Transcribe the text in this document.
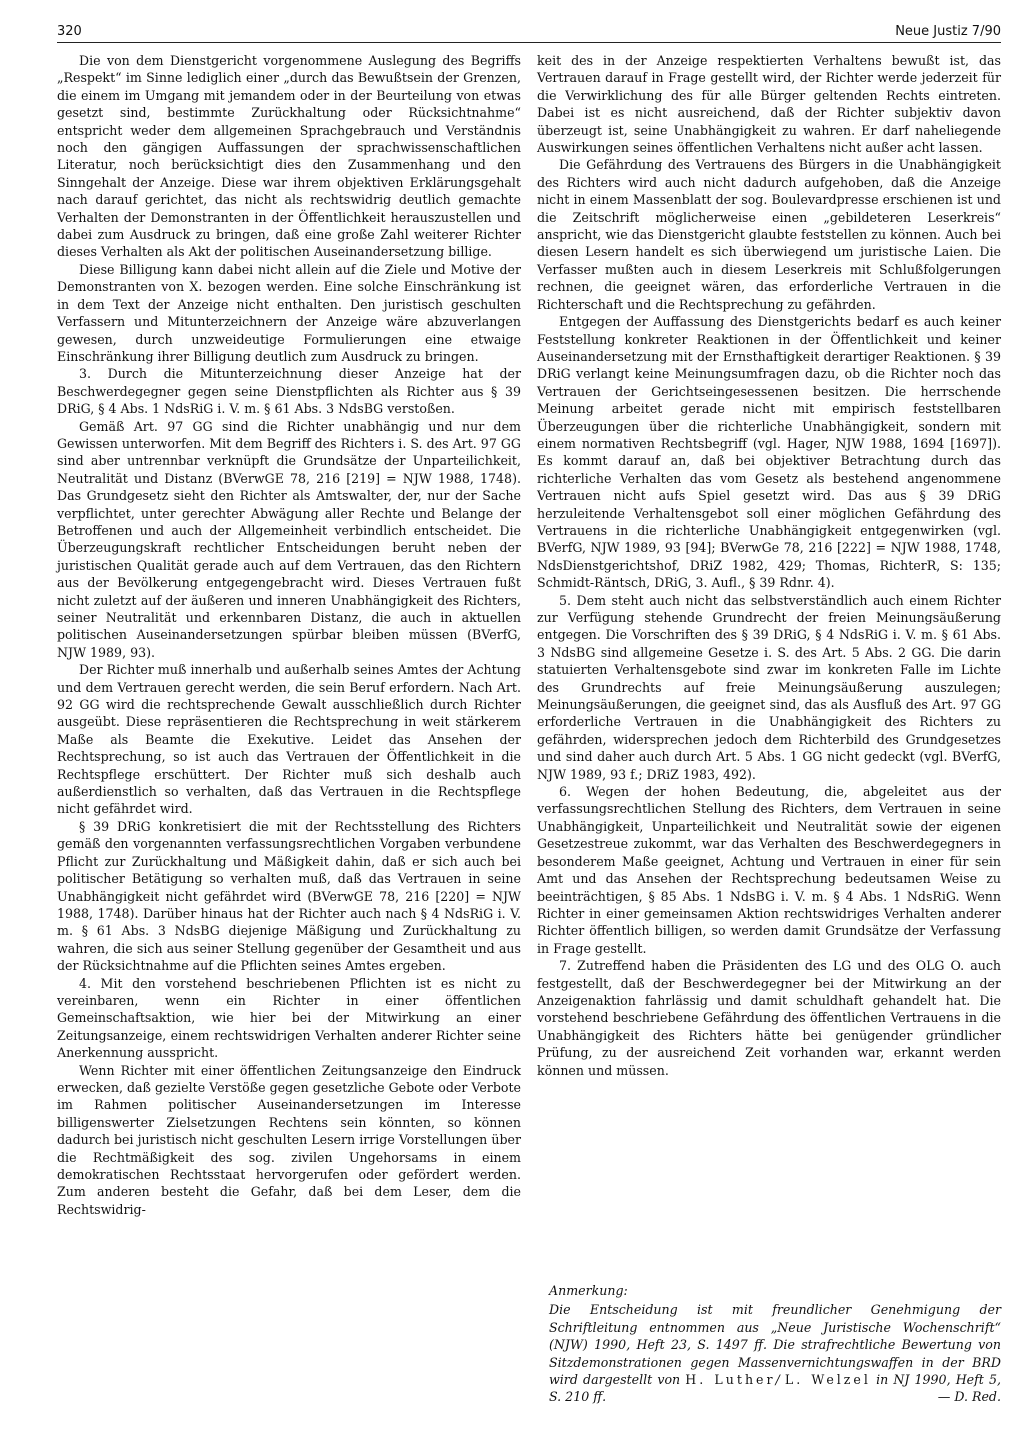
320	Neue Justiz 7/90

Die von dem Dienstgericht vorgenommene Auslegung des Begriffs „Respekt“ im Sinne lediglich einer „durch das Bewußtsein der Grenzen, die einem im Umgang mit jemandem oder in der Beurteilung von etwas gesetzt sind, bestimmte Zurückhaltung oder Rücksichtnahme“ entspricht weder dem allgemeinen Sprachgebrauch und Verständnis noch den gängigen Auffassungen der sprachwissenschaftlichen Literatur, noch berücksichtigt dies den Zusammenhang und den Sinngehalt der Anzeige. Diese war ihrem objektiven Erklärungsgehalt nach darauf gerichtet, das nicht als rechtswidrig deutlich gemachte Verhalten der Demonstranten in der Öffentlichkeit herauszustellen und dabei zum Ausdruck zu bringen, daß eine große Zahl weiterer Richter dieses Verhalten als Akt der politischen Auseinandersetzung billige.

Diese Billigung kann dabei nicht allein auf die Ziele und Motive der Demonstranten von X. bezogen werden. Eine solche Einschränkung ist in dem Text der Anzeige nicht enthalten. Den juristisch geschulten Verfassern und Mitunterzeichnern der Anzeige wäre abzuverlangen gewesen, durch unzweideutige Formulierungen eine etwaige Einschränkung ihrer Billigung deutlich zum Ausdruck zu bringen.

3. Durch die Mitunterzeichnung dieser Anzeige hat der Beschwerdegegner gegen seine Dienstpflichten als Richter aus § 39 DRiG, § 4 Abs. 1 NdsRiG i. V. m. § 61 Abs. 3 NdsBG verstoßen.

Gemäß Art. 97 GG sind die Richter unabhängig und nur dem Gewissen unterworfen. Mit dem Begriff des Richters i. S. des Art. 97 GG sind aber untrennbar verknüpft die Grundsätze der Unparteilichkeit, Neutralität und Distanz (BVerwGE 78, 216 [219] = NJW 1988, 1748). Das Grundgesetz sieht den Richter als Amtswalter, der, nur der Sache verpflichtet, unter gerechter Abwägung aller Rechte und Belange der Betroffenen und auch der Allgemeinheit verbindlich entscheidet. Die Überzeugungskraft rechtlicher Entscheidungen beruht neben der juristischen Qualität gerade auch auf dem Vertrauen, das den Richtern aus der Bevölkerung entgegengebracht wird. Dieses Vertrauen fußt nicht zuletzt auf der äußeren und inneren Unabhängigkeit des Richters, seiner Neutralität und erkennbaren Distanz, die auch in aktuellen politischen Auseinandersetzungen spürbar bleiben müssen (BVerfG, NJW 1989, 93).

Der Richter muß innerhalb und außerhalb seines Amtes der Achtung und dem Vertrauen gerecht werden, die sein Beruf erfordern. Nach Art. 92 GG wird die rechtsprechende Gewalt ausschließlich durch Richter ausgeübt. Diese repräsentieren die Rechtsprechung in weit stärkerem Maße als Beamte die Exekutive. Leidet das Ansehen der Rechtsprechung, so ist auch das Vertrauen der Öffentlichkeit in die Rechtspflege erschüttert. Der Richter muß sich deshalb auch außerdienstlich so verhalten, daß das Vertrauen in die Rechtspflege nicht gefährdet wird.

§ 39 DRiG konkretisiert die mit der Rechtsstellung des Richters gemäß den vorgenannten verfassungsrechtlichen Vorgaben verbundene Pflicht zur Zurückhaltung und Mäßigkeit dahin, daß er sich auch bei politischer Betätigung so verhalten muß, daß das Vertrauen in seine Unabhängigkeit nicht gefährdet wird (BVerwGE 78, 216 [220] = NJW 1988, 1748). Darüber hinaus hat der Richter auch nach § 4 NdsRiG i. V. m. § 61 Abs. 3 NdsBG diejenige Mäßigung und Zurückhaltung zu wahren, die sich aus seiner Stellung gegenüber der Gesamtheit und aus der Rücksichtnahme auf die Pflichten seines Amtes ergeben.

4. Mit den vorstehend beschriebenen Pflichten ist es nicht zu vereinbaren, wenn ein Richter in einer öffentlichen Gemeinschaftsaktion, wie hier bei der Mitwirkung an einer Zeitungsanzeige, einem rechtswidrigen Verhalten anderer Richter seine Anerkennung ausspricht.

Wenn Richter mit einer öffentlichen Zeitungsanzeige den Eindruck erwecken, daß gezielte Verstöße gegen gesetzliche Gebote oder Verbote im Rahmen politischer Auseinandersetzungen im Interesse billigenswerter Zielsetzungen Rechtens sein könnten, so können dadurch bei juristisch nicht geschulten Lesern irrige Vorstellungen über die Rechtmäßigkeit des sog. zivilen Ungehorsams in einem demokratischen Rechtsstaat hervorgerufen oder gefördert werden. Zum anderen besteht die Gefahr, daß bei dem Leser, dem die Rechtswidrig-

keit des in der Anzeige respektierten Verhaltens bewußt ist, das Vertrauen darauf in Frage gestellt wird, der Richter werde jederzeit für die Verwirklichung des für alle Bürger geltenden Rechts eintreten. Dabei ist es nicht ausreichend, daß der Richter subjektiv davon überzeugt ist, seine Unabhängigkeit zu wahren. Er darf naheliegende Auswirkungen seines öffentlichen Verhaltens nicht außer acht lassen.

Die Gefährdung des Vertrauens des Bürgers in die Unabhängigkeit des Richters wird auch nicht dadurch aufgehoben, daß die Anzeige nicht in einem Massenblatt der sog. Boulevardpresse erschienen ist und die Zeitschrift möglicherweise einen „gebildeteren Leserkreis“ anspricht, wie das Dienstgericht glaubte feststellen zu können. Auch bei diesen Lesern handelt es sich überwiegend um juristische Laien. Die Verfasser mußten auch in diesem Leserkreis mit Schlußfolgerungen rechnen, die geeignet wären, das erforderliche Vertrauen in die Richterschaft und die Rechtsprechung zu gefährden.

Entgegen der Auffassung des Dienstgerichts bedarf es auch keiner Feststellung konkreter Reaktionen in der Öffentlichkeit und keiner Auseinandersetzung mit der Ernsthaftigkeit derartiger Reaktionen. § 39 DRiG verlangt keine Meinungsumfragen dazu, ob die Richter noch das Vertrauen der Gerichtseingesessenen besitzen. Die herrschende Meinung arbeitet gerade nicht mit empirisch feststellbaren Überzeugungen über die richterliche Unabhängigkeit, sondern mit einem normativen Rechtsbegriff (vgl. Hager, NJW 1988, 1694 [1697]). Es kommt darauf an, daß bei objektiver Betrachtung durch das richterliche Verhalten das vom Gesetz als bestehend angenommene Vertrauen nicht aufs Spiel gesetzt wird. Das aus § 39 DRiG herzuleitende Verhaltensgebot soll einer möglichen Gefährdung des Vertrauens in die richterliche Unabhängigkeit entgegenwirken (vgl. BVerfG, NJW 1989, 93 [94]; BVerwGe 78, 216 [222] = NJW 1988, 1748, NdsDienstgerichtshof, DRiZ 1982, 429; Thomas, RichterR, S: 135; Schmidt-Räntsch, DRiG, 3. Aufl., § 39 Rdnr. 4).

5. Dem steht auch nicht das selbstverständlich auch einem Richter zur Verfügung stehende Grundrecht der freien Meinungsäußerung entgegen. Die Vorschriften des § 39 DRiG, § 4 NdsRiG i. V. m. § 61 Abs. 3 NdsBG sind allgemeine Gesetze i. S. des Art. 5 Abs. 2 GG. Die darin statuierten Verhaltensgebote sind zwar im konkreten Falle im Lichte des Grundrechts auf freie Meinungsäußerung auszulegen; Meinungsäußerungen, die geeignet sind, das als Ausfluß des Art. 97 GG erforderliche Vertrauen in die Unabhängigkeit des Richters zu gefährden, widersprechen jedoch dem Richterbild des Grundgesetzes und sind daher auch durch Art. 5 Abs. 1 GG nicht gedeckt (vgl. BVerfG, NJW 1989, 93 f.; DRiZ 1983, 492).

6. Wegen der hohen Bedeutung, die, abgeleitet aus der verfassungsrechtlichen Stellung des Richters, dem Vertrauen in seine Unabhängigkeit, Unparteilichkeit und Neutralität sowie der eigenen Gesetzestreue zukommt, war das Verhalten des Beschwerdegegners in besonderem Maße geeignet, Achtung und Vertrauen in einer für sein Amt und das Ansehen der Rechtsprechung bedeutsamen Weise zu beeinträchtigen, § 85 Abs. 1 NdsBG i. V. m. § 4 Abs. 1 NdsRiG. Wenn Richter in einer gemeinsamen Aktion rechtswidriges Verhalten anderer Richter öffentlich billigen, so werden damit Grundsätze der Verfassung in Frage gestellt.

7. Zutreffend haben die Präsidenten des LG und des OLG O. auch festgestellt, daß der Beschwerdegegner bei der Mitwirkung an der Anzeigenaktion fahrlässig und damit schuldhaft gehandelt hat. Die vorstehend beschriebene Gefährdung des öffentlichen Vertrauens in die Unabhängigkeit des Richters hätte bei genügender gründlicher Prüfung, zu der ausreichend Zeit vorhanden war, erkannt werden können und müssen.

Anmerkung:

Die Entscheidung ist mit freundlicher Genehmigung der Schriftleitung entnommen aus „Neue Juristische Wochenschrift“ (NJW) 1990, Heft 23, S. 1497 ff. Die strafrechtliche Bewertung von Sitzdemonstrationen gegen Massenvernichtungswaffen in der BRD wird dargestellt von H. Luther/ L. Welzel in NJ 1990, Heft 5, S. 210 ff.	— D. Red.
